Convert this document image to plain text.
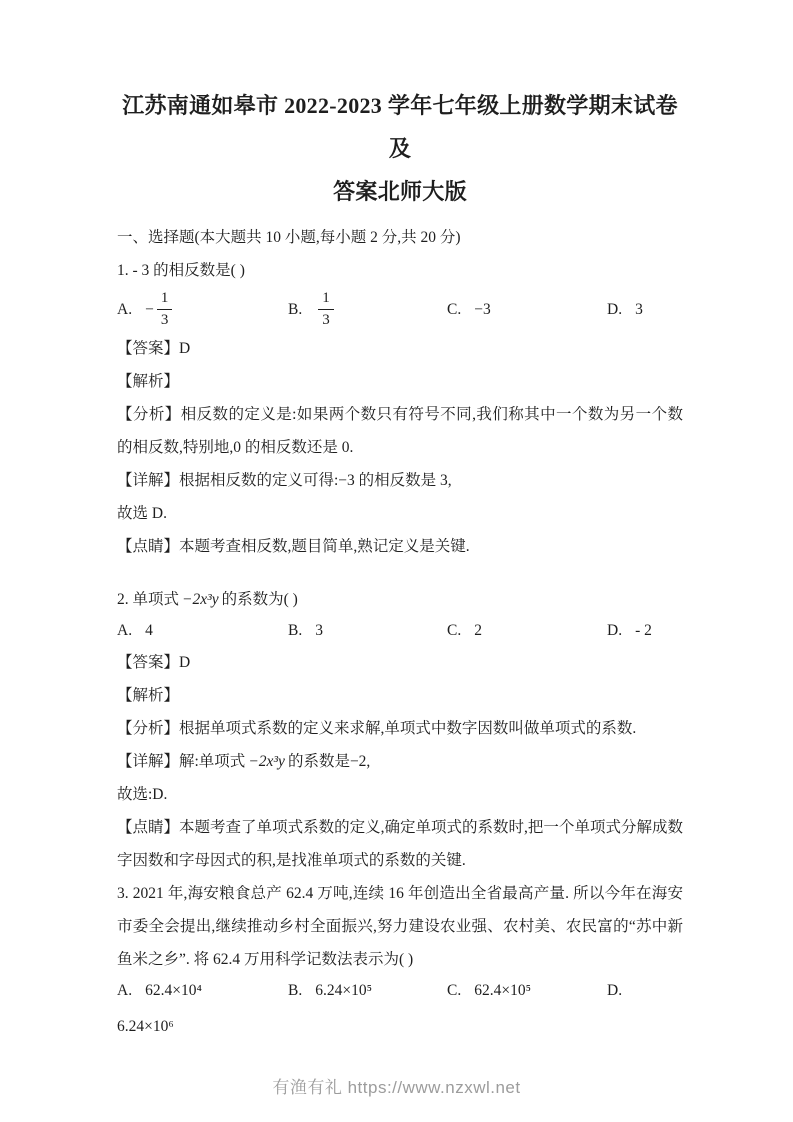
江苏南通如皋市 2022-2023 学年七年级上册数学期末试卷及
答案北师大版
一、选择题(本大题共 10 小题,每小题 2 分,共 20 分)
1. - 3 的相反数是( )
A. − $\frac{1}{3}$	B. $\frac{1}{3}$	C. −3	D. 3
【答案】D
【解析】
【分析】相反数的定义是:如果两个数只有符号不同,我们称其中一个数为另一个数的相反数,特别地,0 的相反数还是 0.
【详解】根据相反数的定义可得:−3 的相反数是 3,
故选 D.
【点睛】本题考查相反数,题目简单,熟记定义是关键.
2. 单项式 −2x³y 的系数为( )
A. 4	B. 3	C. 2	D. - 2
【答案】D
【解析】
【分析】根据单项式系数的定义来求解,单项式中数字因数叫做单项式的系数.
【详解】解:单项式 −2x³y 的系数是−2,
故选:D.
【点睛】本题考查了单项式系数的定义,确定单项式的系数时,把一个单项式分解成数字因数和字母因式的积,是找准单项式的系数的关键.
3. 2021 年,海安粮食总产 62.4 万吨,连续 16 年创造出全省最高产量. 所以今年在海安市委全会提出,继续推动乡村全面振兴,努力建设农业强、农村美、农民富的“苏中新鱼米之乡”. 将 62.4 万用科学记数法表示为( )
A. 62.4×10⁴	B. 6.24×10⁵	C. 62.4×10⁵	D.
6.24×10⁶
有渔有礼 https://www.nzxwl.net
